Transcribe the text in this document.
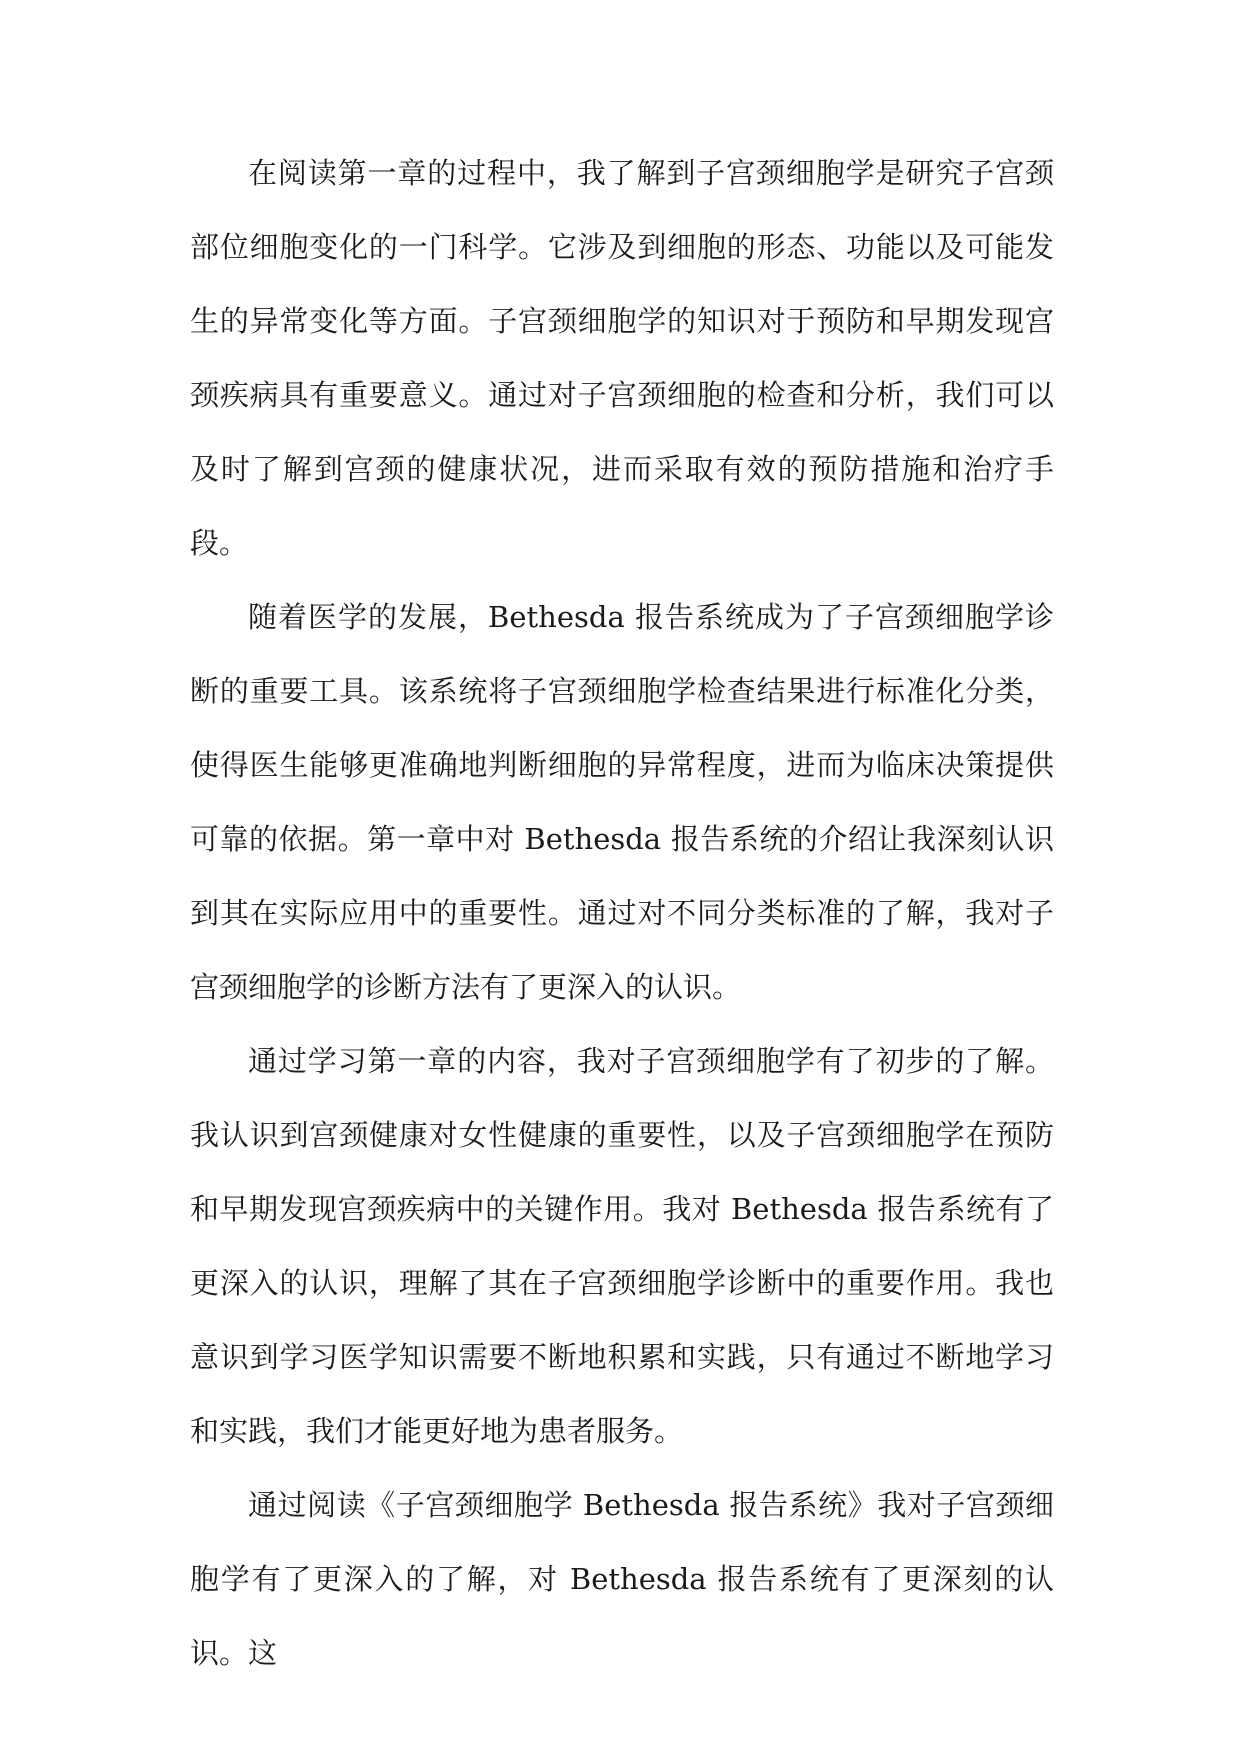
在阅读第一章的过程中，我了解到子宫颈细胞学是研究子宫颈部位细胞变化的一门科学。它涉及到细胞的形态、功能以及可能发生的异常变化等方面。子宫颈细胞学的知识对于预防和早期发现宫颈疾病具有重要意义。通过对子宫颈细胞的检查和分析，我们可以及时了解到宫颈的健康状况，进而采取有效的预防措施和治疗手段。

随着医学的发展，Bethesda 报告系统成为了子宫颈细胞学诊断的重要工具。该系统将子宫颈细胞学检查结果进行标准化分类，使得医生能够更准确地判断细胞的异常程度，进而为临床决策提供可靠的依据。第一章中对 Bethesda 报告系统的介绍让我深刻认识到其在实际应用中的重要性。通过对不同分类标准的了解，我对子宫颈细胞学的诊断方法有了更深入的认识。

通过学习第一章的内容，我对子宫颈细胞学有了初步的了解。我认识到宫颈健康对女性健康的重要性，以及子宫颈细胞学在预防和早期发现宫颈疾病中的关键作用。我对 Bethesda 报告系统有了更深入的认识，理解了其在子宫颈细胞学诊断中的重要作用。我也意识到学习医学知识需要不断地积累和实践，只有通过不断地学习和实践，我们才能更好地为患者服务。

通过阅读《子宫颈细胞学 Bethesda 报告系统》我对子宫颈细胞学有了更深入的了解，对 Bethesda 报告系统有了更深刻的认识。这
